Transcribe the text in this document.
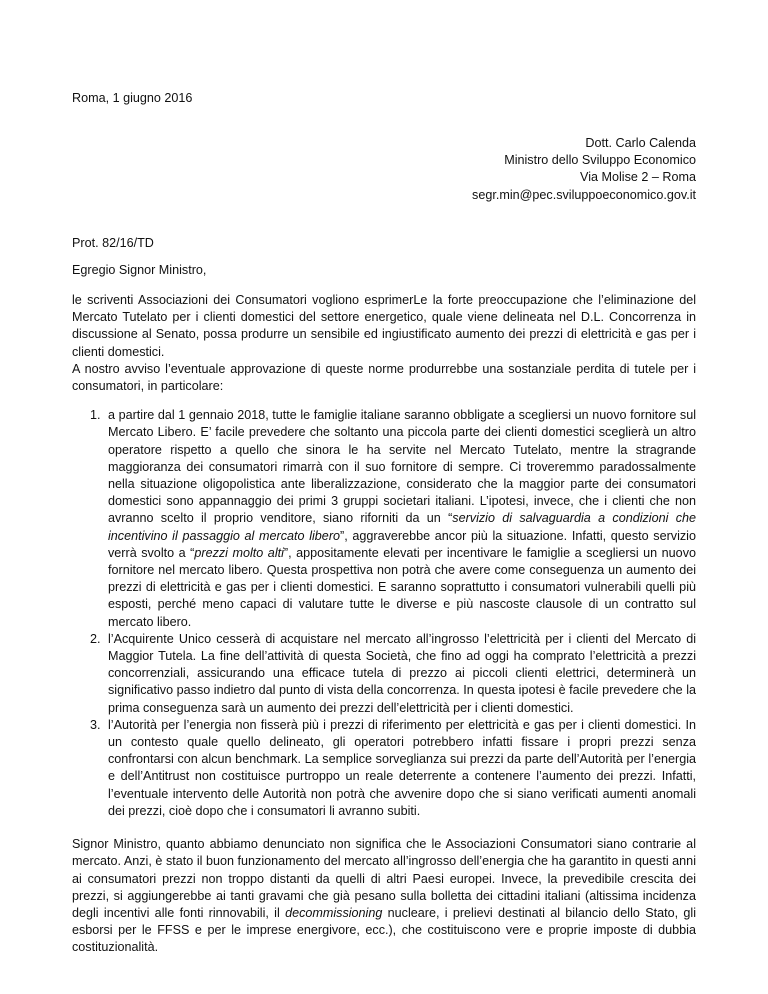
Roma, 1 giugno 2016
Dott. Carlo Calenda
Ministro dello Sviluppo Economico
Via Molise 2 – Roma
segr.min@pec.sviluppoeconomico.gov.it
Prot. 82/16/TD
Egregio Signor Ministro,

le scriventi Associazioni dei Consumatori vogliono esprimerLe la forte preoccupazione che l’eliminazione del Mercato Tutelato per i clienti domestici del settore energetico, quale viene delineata nel D.L. Concorrenza in discussione al Senato, possa produrre un sensibile ed ingiustificato aumento dei prezzi di elettricità e gas per i clienti domestici.

A nostro avviso l’eventuale approvazione di queste norme produrrebbe una sostanziale perdita di tutele per i consumatori, in particolare:

1. a partire dal 1 gennaio 2018, tutte le famiglie italiane saranno obbligate a scegliersi un nuovo fornitore sul Mercato Libero. E’ facile prevedere che soltanto una piccola parte dei clienti domestici sceglierà un altro operatore rispetto a quello che sinora le ha servite nel Mercato Tutelato, mentre la stragrande maggioranza dei consumatori rimarrà con il suo fornitore di sempre. Ci troveremmo paradossalmente nella situazione oligopolistica ante liberalizzazione, considerato che la maggior parte dei consumatori domestici sono appannaggio dei primi 3 gruppi societari italiani. L’ipotesi, invece, che i clienti che non avranno scelto il proprio venditore, siano riforniti da un “servizio di salvaguardia a condizioni che incentivino il passaggio al mercato libero”, aggraverebbe ancor più la situazione. Infatti, questo servizio verrà svolto a “prezzi molto alti”, appositamente elevati per incentivare le famiglie a scegliersi un nuovo fornitore nel mercato libero. Questa prospettiva non potrà che avere come conseguenza un aumento dei prezzi di elettricità e gas per i clienti domestici. E saranno soprattutto i consumatori vulnerabili quelli più esposti, perché meno capaci di valutare tutte le diverse e più nascoste clausole di un contratto sul mercato libero.
2. l’Acquirente Unico cesserà di acquistare nel mercato all’ingrosso l’elettricità per i clienti del Mercato di Maggior Tutela. La fine dell’attività di questa Società, che fino ad oggi ha comprato l’elettricità a prezzi concorrenziali, assicurando una efficace tutela di prezzo ai piccoli clienti elettrici, determinerà un significativo passo indietro dal punto di vista della concorrenza. In questa ipotesi è facile prevedere che la prima conseguenza sarà un aumento dei prezzi dell’elettricità per i clienti domestici.
3. l’Autorità per l’energia non fisserà più i prezzi di riferimento per elettricità e gas per i clienti domestici. In un contesto quale quello delineato, gli operatori potrebbero infatti fissare i propri prezzi senza confrontarsi con alcun benchmark. La semplice sorveglianza sui prezzi da parte dell’Autorità per l’energia e dell’Antitrust non costituisce purtroppo un reale deterrente a contenere l’aumento dei prezzi. Infatti, l’eventuale intervento delle Autorità non potrà che avvenire dopo che si siano verificati aumenti anomali dei prezzi, cioè dopo che i consumatori li avranno subiti.

Signor Ministro, quanto abbiamo denunciato non significa che le Associazioni Consumatori siano contrarie al mercato. Anzi, è stato il buon funzionamento del mercato all’ingrosso dell’energia che ha garantito in questi anni ai consumatori prezzi non troppo distanti da quelli di altri Paesi europei. Invece, la prevedibile crescita dei prezzi, si aggiungerebbe ai tanti gravami che già pesano sulla bolletta dei cittadini italiani (altissima incidenza degli incentivi alle fonti rinnovabili, il decommissioning nucleare, i prelievi destinati al bilancio dello Stato, gli esborsi per le FFSS e per le imprese energivore, ecc.), che costituiscono vere e proprie imposte di dubbia costituzionalità.
